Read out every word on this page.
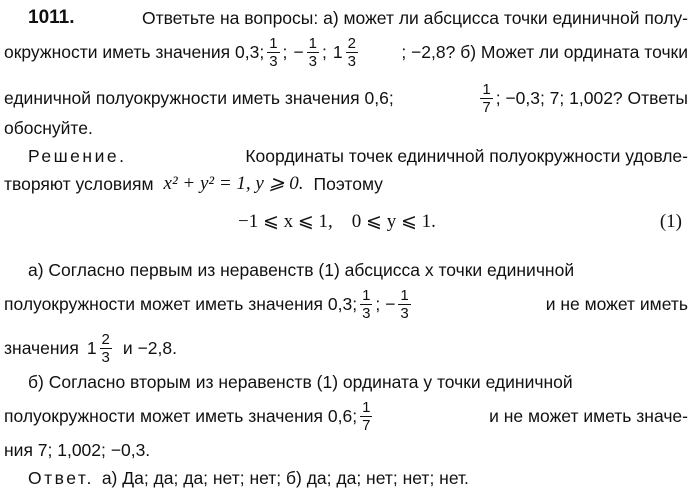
1011.	Ответьте на вопросы: а) может ли абсцисса точки единичной полу-
окружности иметь значения 0,3; $\frac{1}{3}$ ; − $\frac{1}{3}$ ; $1 \frac{2}{3}$ ; −2,8? б) Может ли ордината точки
единичной полуокружности иметь значения 0,6;	$\frac{1}{7}$ ; −0,3; 7; 1,002? Ответы
обоснуйте.
Решение.	Координаты точек единичной полуокружности удовле-
творяют условиям x² + y² = 1, y ⩾ 0. Поэтому
−1 ⩽ x ⩽ 1,    0 ⩽ y ⩽ 1.	(1)
а) Согласно первым из неравенств (1) абсцисса x точки единичной
полуокружности может иметь значения 0,3; $\frac{1}{3}$ ; − $\frac{1}{3}$	и не может иметь
значения $1 \frac{2}{3}$ и −2,8.
б) Согласно вторым из неравенств (1) ордината y точки единичной
полуокружности может иметь значения 0,6; $\frac{1}{7}$	и не может иметь значе-
ния 7; 1,002; −0,3.
Ответ. а) Да; да; да; нет; нет; б) да; да; нет; нет; нет.
